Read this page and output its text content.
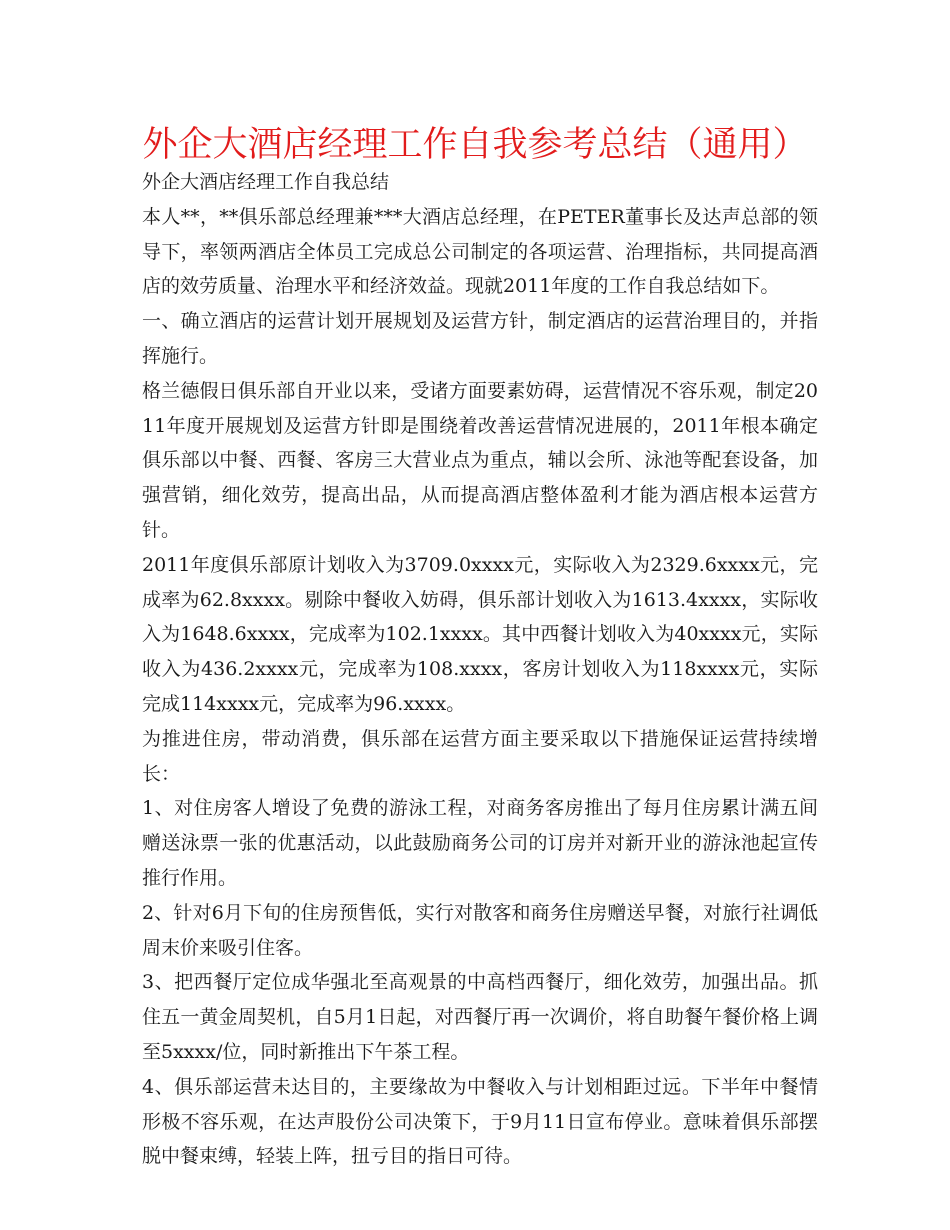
外企大酒店经理工作自我参考总结（通用）

外企大酒店经理工作自我总结

本人**，**俱乐部总经理兼***大酒店总经理，在PETER董事长及达声总部的领导下，率领两酒店全体员工完成总公司制定的各项运营、治理指标，共同提高酒店的效劳质量、治理水平和经济效益。现就2011年度的工作自我总结如下。

一、确立酒店的运营计划开展规划及运营方针，制定酒店的运营治理目的，并指挥施行。

格兰德假日俱乐部自开业以来，受诸方面要素妨碍，运营情况不容乐观，制定2011年度开展规划及运营方针即是围绕着改善运营情况进展的，2011年根本确定俱乐部以中餐、西餐、客房三大营业点为重点，辅以会所、泳池等配套设备，加强营销，细化效劳，提高出品，从而提高酒店整体盈利才能为酒店根本运营方针。

2011年度俱乐部原计划收入为3709.0xxxx元，实际收入为2329.6xxxx元，完成率为62.8xxxx。剔除中餐收入妨碍，俱乐部计划收入为1613.4xxxx，实际收入为1648.6xxxx，完成率为102.1xxxx。其中西餐计划收入为40xxxx元，实际收入为436.2xxxx元，完成率为108.xxxx，客房计划收入为118xxxx元，实际完成114xxxx元，完成率为96.xxxx。

为推进住房，带动消费，俱乐部在运营方面主要采取以下措施保证运营持续增长：

1、对住房客人增设了免费的游泳工程，对商务客房推出了每月住房累计满五间赠送泳票一张的优惠活动，以此鼓励商务公司的订房并对新开业的游泳池起宣传推行作用。

2、针对6月下旬的住房预售低，实行对散客和商务住房赠送早餐，对旅行社调低周末价来吸引住客。

3、把西餐厅定位成华强北至高观景的中高档西餐厅，细化效劳，加强出品。抓住五一黄金周契机，自5月1日起，对西餐厅再一次调价，将自助餐午餐价格上调至5xxxx/位，同时新推出下午茶工程。

4、俱乐部运营未达目的，主要缘故为中餐收入与计划相距过远。下半年中餐情形极不容乐观，在达声股份公司决策下，于9月11日宣布停业。意味着俱乐部摆脱中餐束缚，轻装上阵，扭亏目的指日可待。
